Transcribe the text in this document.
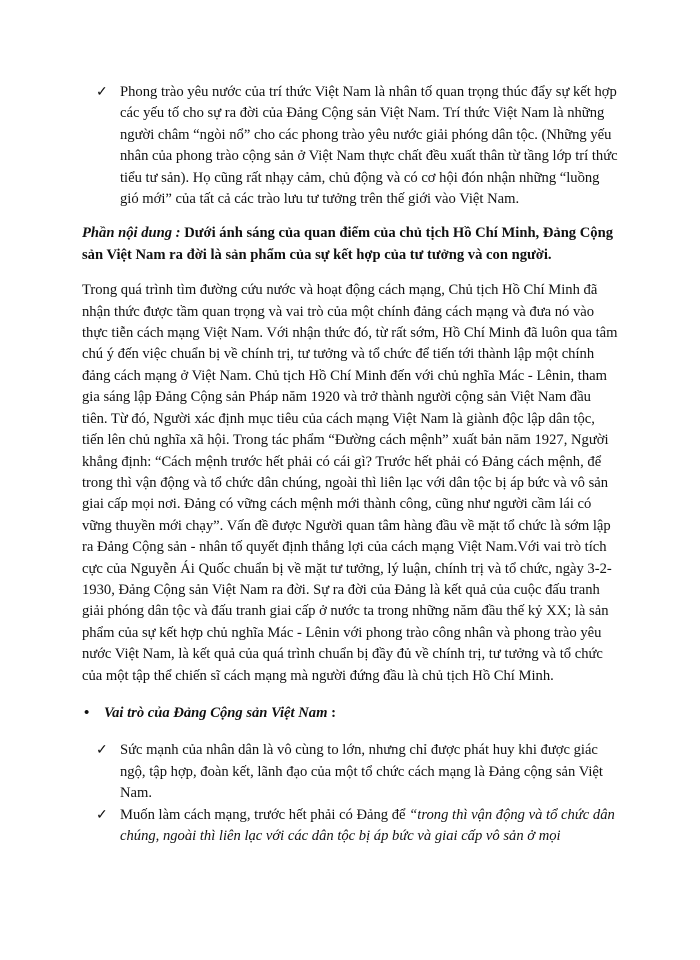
✓ Phong trào yêu nước của trí thức Việt Nam là nhân tố quan trọng thúc đẩy sự kết hợp các yếu tố cho sự ra đời của Đảng Cộng sản Việt Nam. Trí thức Việt Nam là những người châm “ngòi nổ” cho các phong trào yêu nước giải phóng dân tộc. (Những yếu nhân của phong trào cộng sản ở Việt Nam thực chất đều xuất thân từ tầng lớp trí thức tiểu tư sản). Họ cũng rất nhạy cảm, chủ động và có cơ hội đón nhận những “luồng gió mới” của tất cả các trào lưu tư tưởng trên thế giới vào Việt Nam.
Phần nội dung : Dưới ánh sáng của quan điểm của chủ tịch Hồ Chí Minh, Đảng Cộng sản Việt Nam ra đời là sản phẩm của sự kết hợp của tư tưởng và con người.
Trong quá trình tìm đường cứu nước và hoạt động cách mạng, Chủ tịch Hồ Chí Minh đã nhận thức được tầm quan trọng và vai trò của một chính đảng cách mạng và đưa nó vào thực tiễn cách mạng Việt Nam. Với nhận thức đó, từ rất sớm, Hồ Chí Minh đã luôn qua tâm chú ý đến việc chuẩn bị về chính trị, tư tưởng và tổ chức để tiến tới thành lập một chính đảng cách mạng ở Việt Nam. Chủ tịch Hồ Chí Minh đến với chủ nghĩa Mác - Lênin, tham gia sáng lập Đảng Cộng sản Pháp năm 1920 và trở thành người cộng sản Việt Nam đầu tiên. Từ đó, Người xác định mục tiêu của cách mạng Việt Nam là giành độc lập dân tộc, tiến lên chủ nghĩa xã hội. Trong tác phẩm “Đường cách mệnh” xuất bản năm 1927, Người khẳng định: “Cách mệnh trước hết phải có cái gì? Trước hết phải có Đảng cách mệnh, để trong thì vận động và tổ chức dân chúng, ngoài thì liên lạc với dân tộc bị áp bức và vô sản giai cấp mọi nơi. Đảng có vững cách mệnh mới thành công, cũng như người cầm lái có vững thuyền mới chạy”. Vấn đề được Người quan tâm hàng đầu về mặt tổ chức là sớm lập ra Đảng Cộng sản - nhân tố quyết định thắng lợi của cách mạng Việt Nam.Với vai trò tích cực của Nguyễn Ái Quốc chuẩn bị về mặt tư tưởng, lý luận, chính trị và tổ chức, ngày 3-2-1930, Đảng Cộng sản Việt Nam ra đời. Sự ra đời của Đảng là kết quả của cuộc đấu tranh giải phóng dân tộc và đấu tranh giai cấp ở nước ta trong những năm đầu thế kỷ XX; là sản phẩm của sự kết hợp chủ nghĩa Mác - Lênin với phong trào công nhân và phong trào yêu nước Việt Nam, là kết quả của quá trình chuẩn bị đầy đủ về chính trị, tư tưởng và tổ chức của một tập thể chiến sĩ cách mạng mà người đứng đầu là chủ tịch Hồ Chí Minh.
• Vai trò của Đảng Cộng sản Việt Nam :
✓ Sức mạnh của nhân dân là vô cùng to lớn, nhưng chỉ được phát huy khi được giác ngộ, tập hợp, đoàn kết, lãnh đạo của một tổ chức cách mạng là Đảng cộng sản Việt Nam.
✓ Muốn làm cách mạng, trước hết phải có Đảng để “trong thì vận động và tổ chức dân chúng, ngoài thì liên lạc với các dân tộc bị áp bức và giai cấp vô sản ở mọi
